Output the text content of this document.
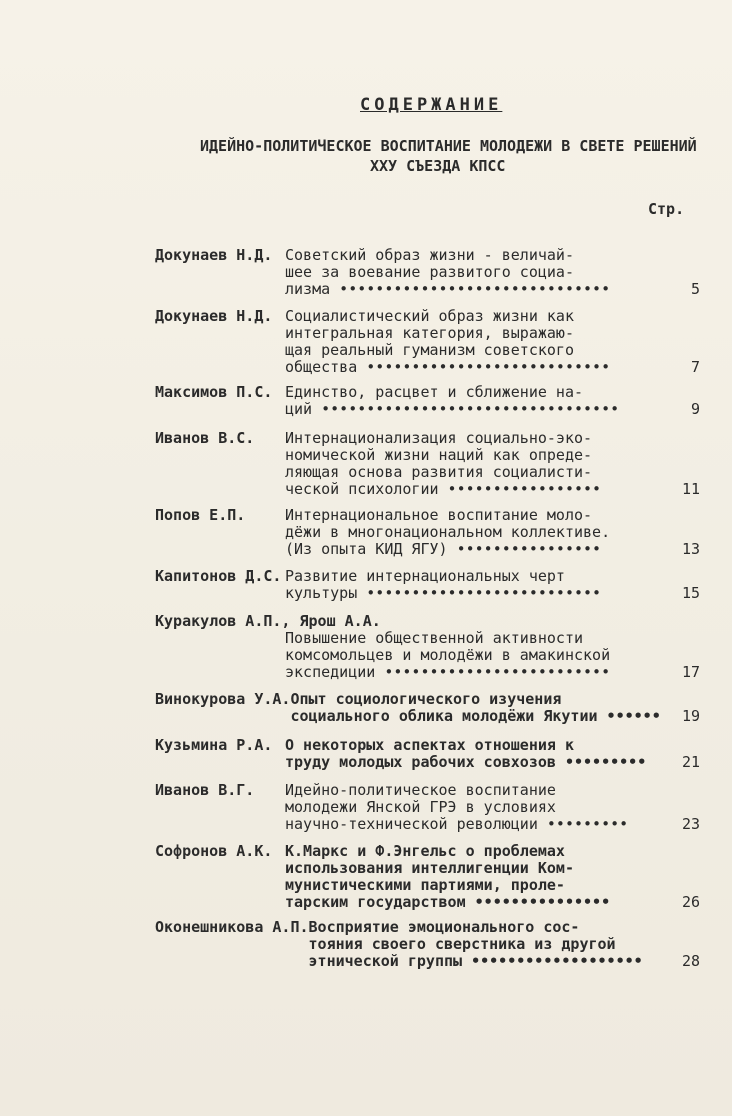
СОДЕРЖАНИЕ
ИДЕЙНО-ПОЛИТИЧЕСКОЕ ВОСПИТАНИЕ МОЛОДЕЖИ В СВЕТЕ РЕШЕНИЙ
ХХУ СЪЕЗДА КПСС
Стр.
Докунаев Н.Д. Советский образ жизни - величай-
шее за воевание развитого социа-
лизма ••••••••••••••••••••••••••••••	5
Докунаев Н.Д. Социалистический образ жизни как
интегральная категория, выражаю-
щая реальный гуманизм советского
общества •••••••••••••••••••••••••••	7
Максимов П.С. Единство, расцвет и сближение на-
ций •••••••••••••••••••••••••••••••••	9
Иванов В.С.	Интернационализация социально-эко-
номической жизни наций как опреде-
ляющая основа развития социалисти-
ческой психологии •••••••••••••••••	11
Попов Е.П.	Интернациональное воспитание моло-
дёжи в многонациональном коллективе.
(Из опыта КИД ЯГУ) ••••••••••••••••	13
Капитонов Д.С. Развитие интернациональных черт
культуры ••••••••••••••••••••••••••	15
Куракулов А.П., Ярош А.А.
Повышение общественной активности
комсомольцев и молодёжи в амакинской
экспедиции •••••••••••••••••••••••••	17
Винокурова У.А. Опыт социологического изучения
социального облика молодёжи Якутии •••••• 19
Кузьмина Р.А. О некоторых аспектах отношения к
труду молодых рабочих совхозов ••••••••• 21
Иванов В.Г.	Идейно-политическое воспитание
молодежи Янской ГРЭ в условиях
научно-технической революции •••••••••	23
Софронов А.К. К.Маркс и Ф.Энгельс о проблемах
использования интеллигенции Ком-
мунистическими партиями, проле-
тарским государством •••••••••••••••	26
Оконешникова А.П. Восприятие эмоционального сос-
тояния своего сверстника из другой
этнической группы •••••••••••••••••••	28
